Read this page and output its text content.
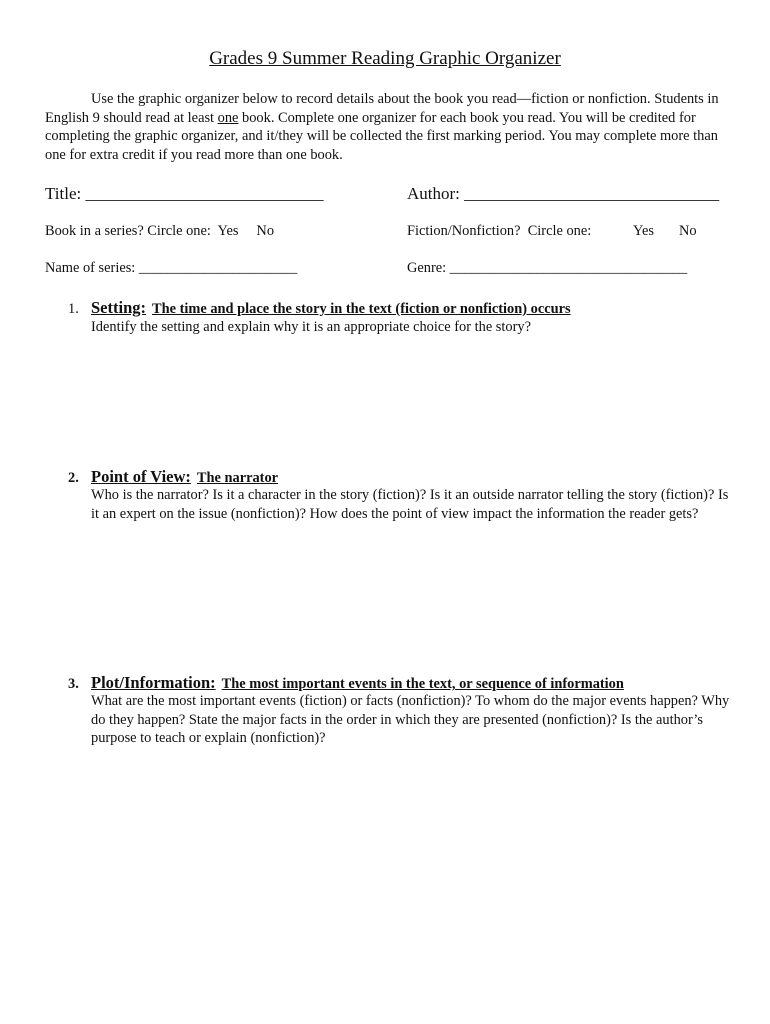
Grades 9 Summer Reading Graphic Organizer

Use the graphic organizer below to record details about the book you read—fiction or nonfiction. Students in English 9 should read at least one book. Complete one organizer for each book you read. You will be credited for completing the graphic organizer, and it/they will be collected the first marking period. You may complete more than one for extra credit if you read more than one book.

Title: ____________________________	Author: ______________________________
Book in a series? Circle one:  Yes     No	Fiction/Nonfiction?  Circle one:	Yes No
Name of series: ______________________	Genre: _________________________________
1. Setting: The time and place the story in the text (fiction or nonfiction) occurs

Identify the setting and explain why it is an appropriate choice for the story?

2. Point of View: The narrator

Who is the narrator? Is it a character in the story (fiction)? Is it an outside narrator telling the story (fiction)? Is it an expert on the issue (nonfiction)? How does the point of view impact the information the reader gets?

3. Plot/Information: The most important events in the text, or sequence of information

What are the most important events (fiction) or facts (nonfiction)? To whom do the major events happen? Why do they happen? State the major facts in the order in which they are presented (nonfiction)? Is the author’s purpose to teach or explain (nonfiction)?
